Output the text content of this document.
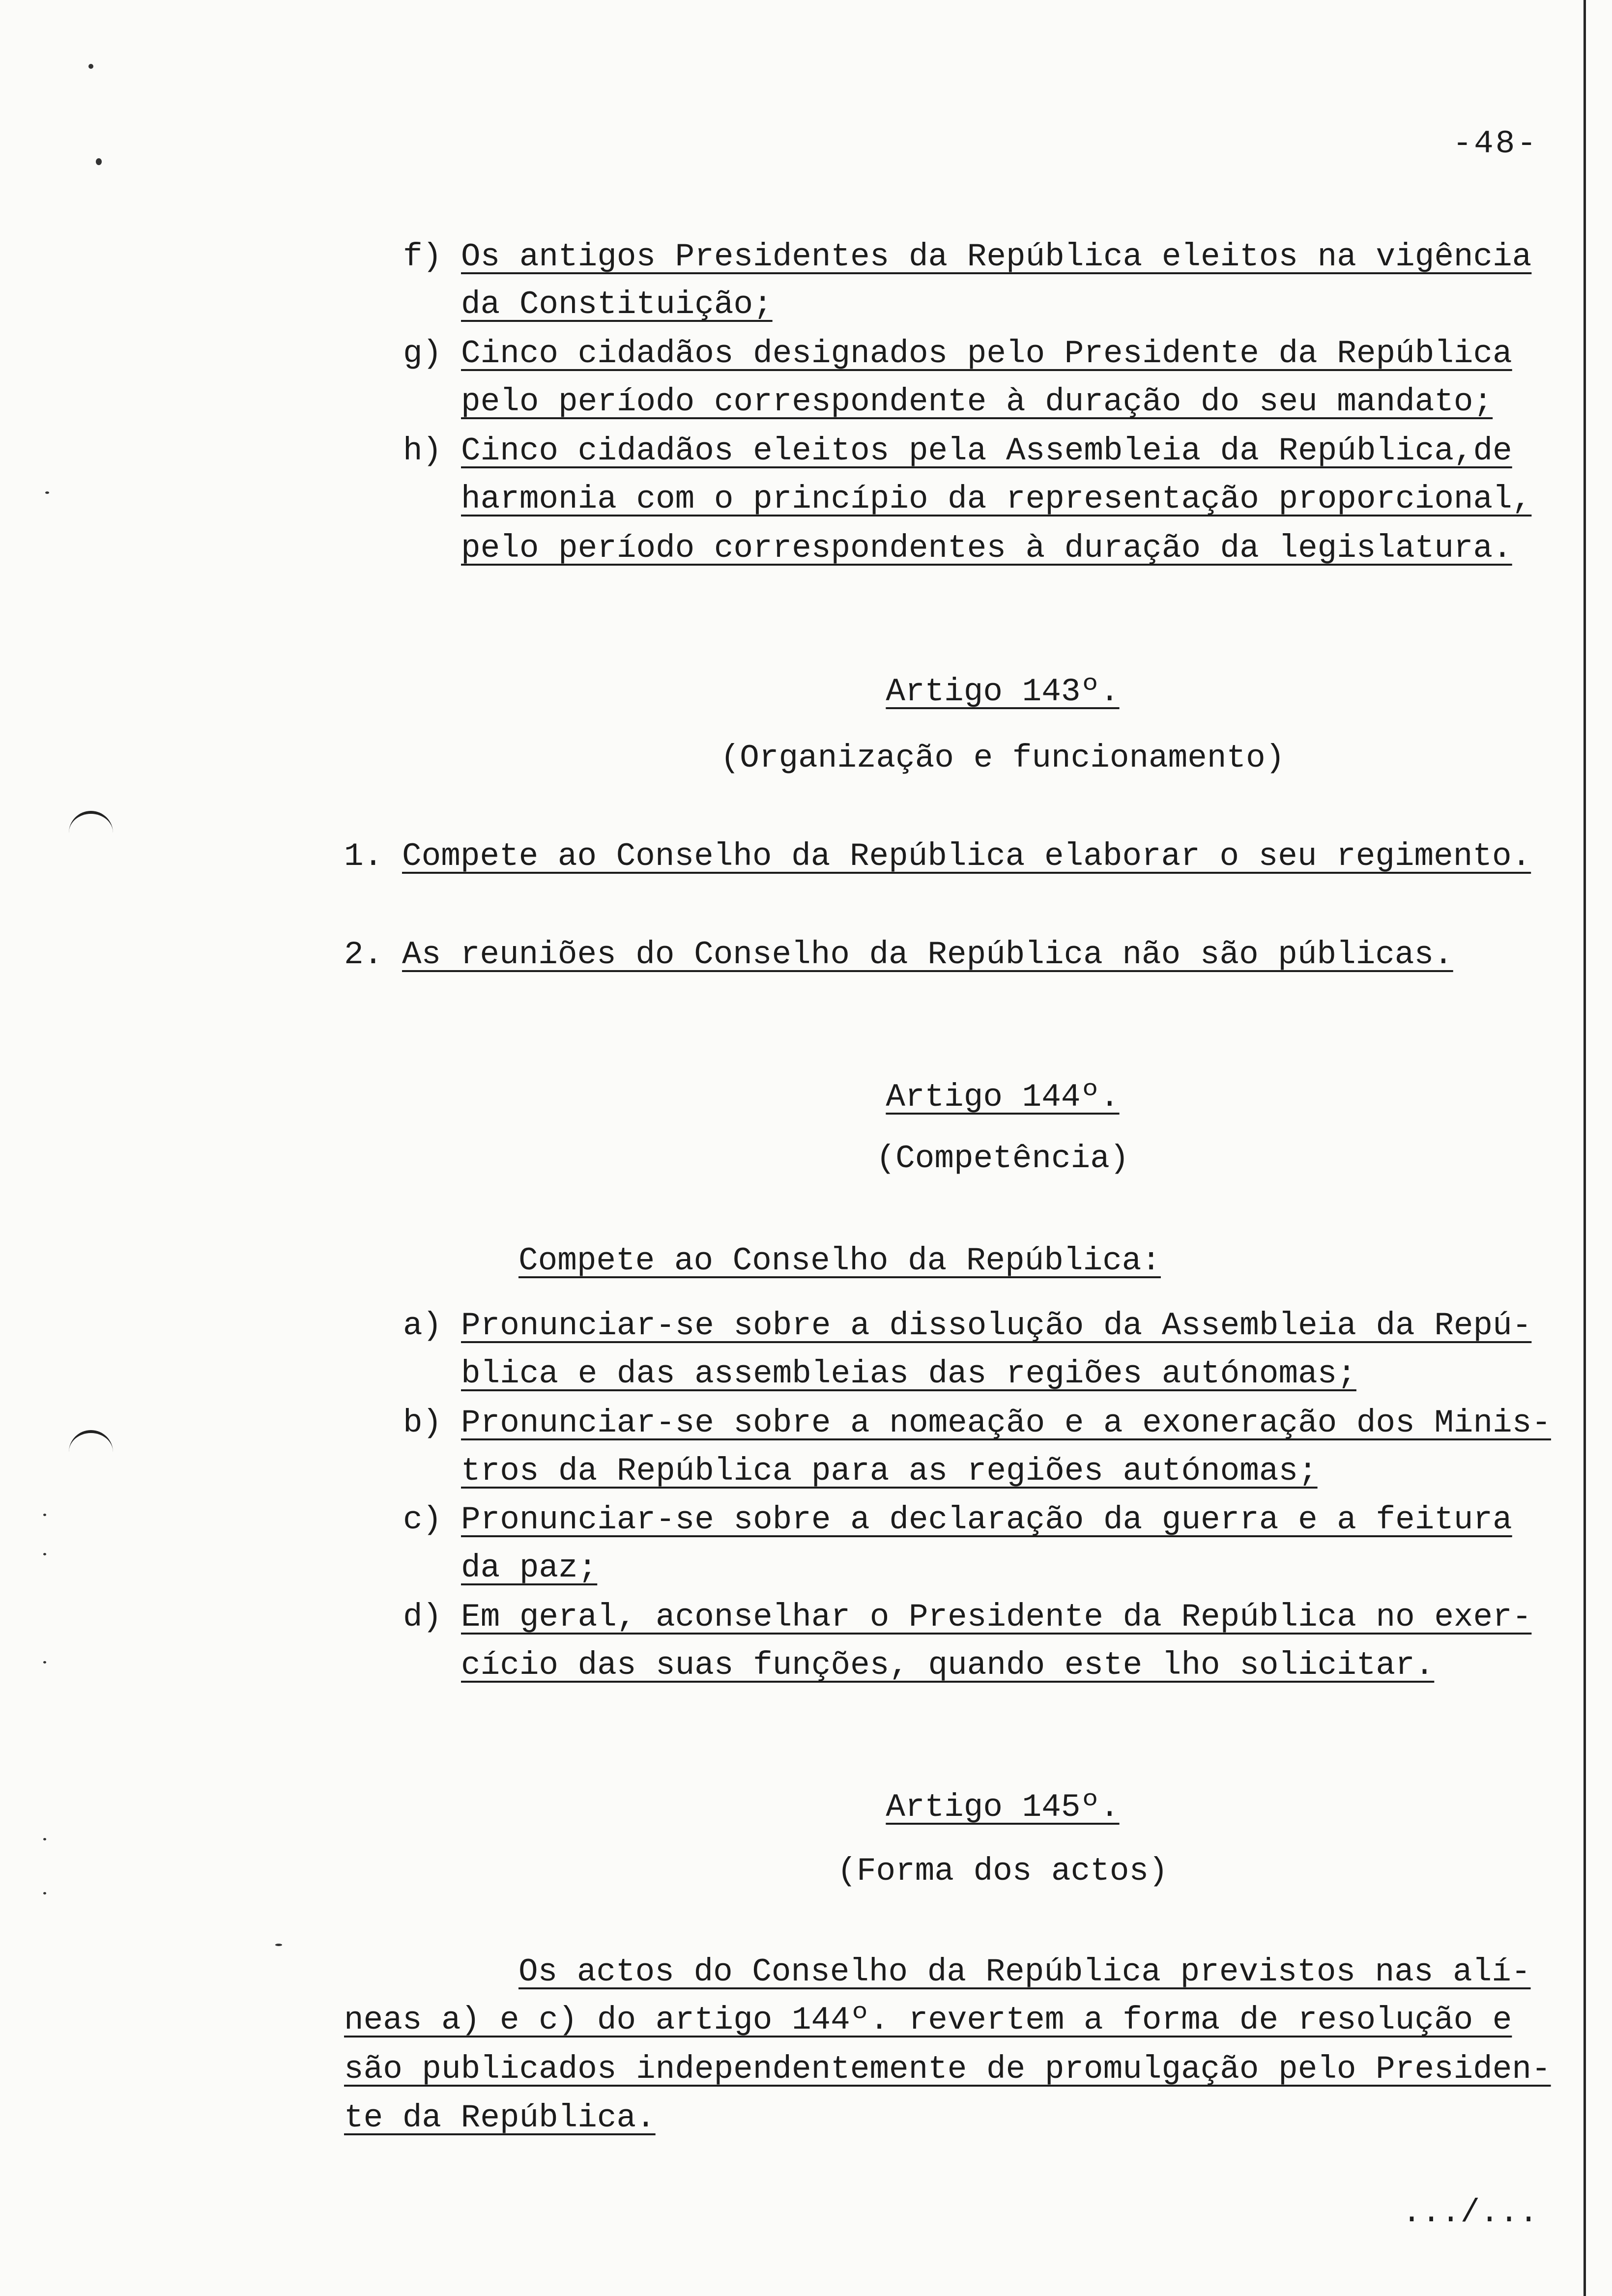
-48-
f) Os antigos Presidentes da República eleitos na vigência
da Constituição;
g) Cinco cidadãos designados pelo Presidente da República
pelo período correspondente à duração do seu mandato;
h) Cinco cidadãos eleitos pela Assembleia da República,de
harmonia com o princípio da representação proporcional,
pelo período correspondentes à duração da legislatura.
Artigo 143º.
(Organização e funcionamento)
1. Compete ao Conselho da República elaborar o seu regimento.
2. As reuniões do Conselho da República não são públicas.
Artigo 144º.
(Competência)
Compete ao Conselho da República:
a) Pronunciar-se sobre a dissolução da Assembleia da Repú-
blica e das assembleias das regiões autónomas;
b) Pronunciar-se sobre a nomeação e a exoneração dos Minis-
tros da República para as regiões autónomas;
c) Pronunciar-se sobre a declaração da guerra e a feitura
da paz;
d) Em geral, aconselhar o Presidente da República no exer-
cício das suas funções, quando este lho solicitar.
Artigo 145º.
(Forma dos actos)
Os actos do Conselho da República previstos nas alí-
neas a) e c) do artigo 144º. revertem a forma de resolução e
são publicados independentemente de promulgação pelo Presiden-
te da República.
.../...
